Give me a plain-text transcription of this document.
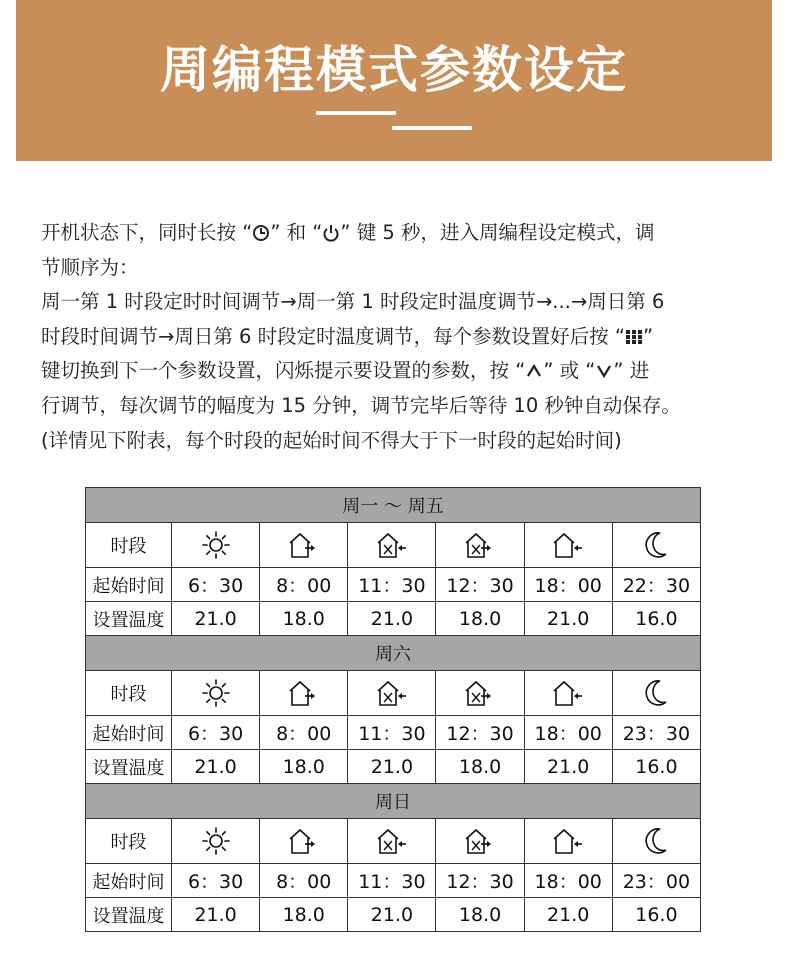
周编程模式参数设定

开机状态下，同时长按 “ ” 和 “ ” 键 5 秒，进入周编程设定模式，调

节顺序为：

周一第 1 时段定时时间调节→周一第 1 时段定时温度调节→...→周日第 6

时段时间调节→周日第 6 时段定时温度调节，每个参数设置好后按 “ ”

键切换到下一个参数设置，闪烁提示要设置的参数，按 “ ” 或 “ ” 进

行调节，每次调节的幅度为 15 分钟，调节完毕后等待 10 秒钟自动保存。

(详情见下附表，每个时段的起始时间不得大于下一时段的起始时间)

周一 ～ 周五						
时段						
起始时间	6：30	8：00	11：30	12：30	18：00	22：30
设置温度	21.0	18.0	21.0	18.0	21.0	16.0
周六						
时段						
起始时间	6：30	8：00	11：30	12：30	18：00	23：30
设置温度	21.0	18.0	21.0	18.0	21.0	16.0
周日						
时段						
起始时间	6：30	8：00	11：30	12：30	18：00	23：00
设置温度	21.0	18.0	21.0	18.0	21.0	16.0
